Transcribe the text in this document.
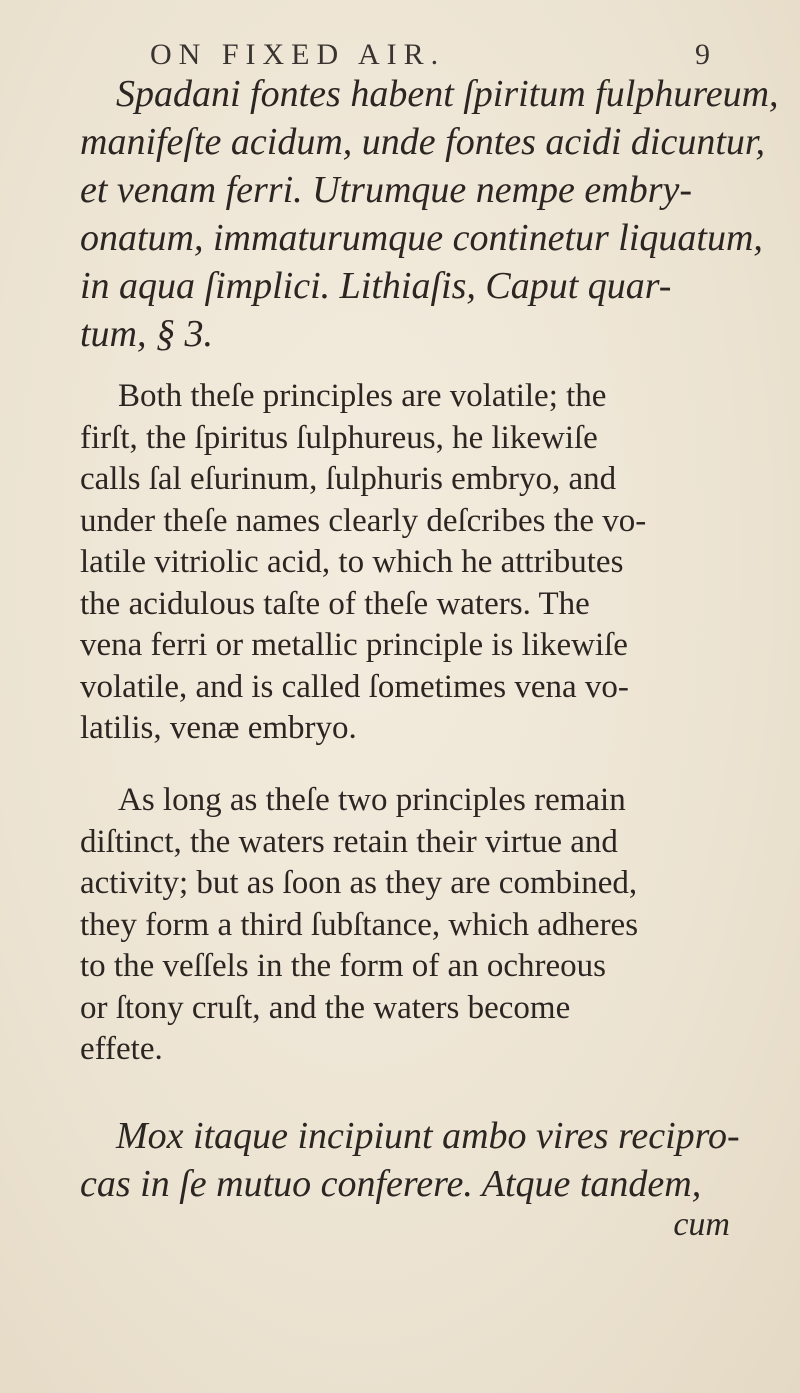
ON FIXED AIR.	9
Spadani fontes habent ſpiritum fulphureum,
manifeſte acidum, unde fontes acidi dicuntur,
et venam ferri. Utrumque nempe embry-
onatum, immaturumque continetur liquatum,
in aqua ſimplici. Lithiaſis, Caput quar-
tum, § 3.
Both theſe principles are volatile; the
firſt, the ſpiritus ſulphureus, he likewiſe
calls ſal eſurinum, ſulphuris embryo, and
under theſe names clearly deſcribes the vo-
latile vitriolic acid, to which he attributes
the acidulous taſte of theſe waters. The
vena ferri or metallic principle is likewiſe
volatile, and is called ſometimes vena vo-
latilis, venæ embryo.
As long as theſe two principles remain
diſtinct, the waters retain their virtue and
activity; but as ſoon as they are combined,
they form a third ſubſtance, which adheres
to the veſſels in the form of an ochreous
or ſtony cruſt, and the waters become
effete.
Mox itaque incipiunt ambo vires recipro-
cas in ſe mutuo conferere. Atque tandem,
cum
